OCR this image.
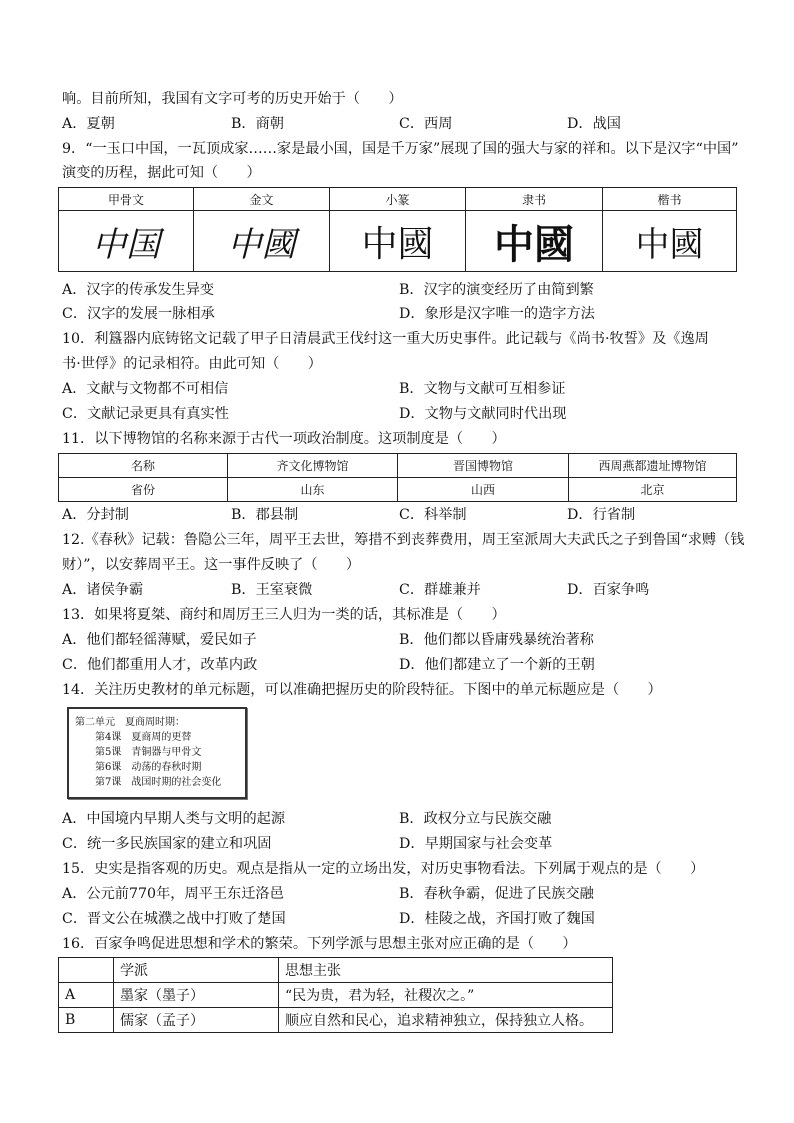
响。目前所知，我国有文字可考的历史开始于（　　）
A．夏朝	B．商朝	C．西周	D．战国
9．“一玉口中国，一瓦顶成家……家是最小国，国是千万家”展现了国的强大与家的祥和。以下是汉字“中国”
演变的历程，据此可知（　　）
甲骨文	金文	小篆	隶书	楷书
中国	中國	中國	中國	中國
A．汉字的传承发生异变	B．汉字的演变经历了由简到繁
C．汉字的发展一脉相承	D．象形是汉字唯一的造字方法
10．利簋器内底铸铭文记载了甲子日清晨武王伐纣这一重大历史事件。此记载与《尚书·牧誓》及《逸周
书·世俘》的记录相符。由此可知（　　）
A．文献与文物都不可相信	B．文物与文献可互相参证
C．文献记录更具有真实性	D．文物与文献同时代出现
11．以下博物馆的名称来源于古代一项政治制度。这项制度是（　　）
名称	齐文化博物馆	晋国博物馆	西周燕都遗址博物馆
省份	山东	山西	北京
A．分封制	B．郡县制	C．科举制	D．行省制
12.《春秋》记载：鲁隐公三年，周平王去世，筹措不到丧葬费用，周王室派周大夫武氏之子到鲁国“求赙（钱
财）”，以安葬周平王。这一事件反映了（　　）
A．诸侯争霸	B．王室衰微	C．群雄兼并	D．百家争鸣
13．如果将夏桀、商纣和周厉王三人归为一类的话，其标准是（　　）
A．他们都轻徭薄赋，爱民如子	B．他们都以昏庸残暴统治著称
C．他们都重用人才，改革内政	D．他们都建立了一个新的王朝
14．关注历史教材的单元标题，可以准确把握历史的阶段特征。下图中的单元标题应是（　　）
第二单元　夏商周时期：
第4课　夏商周的更替
第5课　青铜器与甲骨文
第6课　动荡的春秋时期
第7课　战国时期的社会变化
A．中国境内早期人类与文明的起源	B．政权分立与民族交融
C．统一多民族国家的建立和巩固	D．早期国家与社会变革
15．史实是指客观的历史。观点是指从一定的立场出发，对历史事物看法。下列属于观点的是（　　）
A．公元前770年，周平王东迁洛邑	B．春秋争霸，促进了民族交融
C．晋文公在城濮之战中打败了楚国	D．桂陵之战，齐国打败了魏国
16．百家争鸣促进思想和学术的繁荣。下列学派与思想主张对应正确的是（　　）
	学派	思想主张
A	墨家（墨子）	“民为贵，君为轻，社稷次之。”
B	儒家（孟子）	顺应自然和民心，追求精神独立，保持独立人格。
